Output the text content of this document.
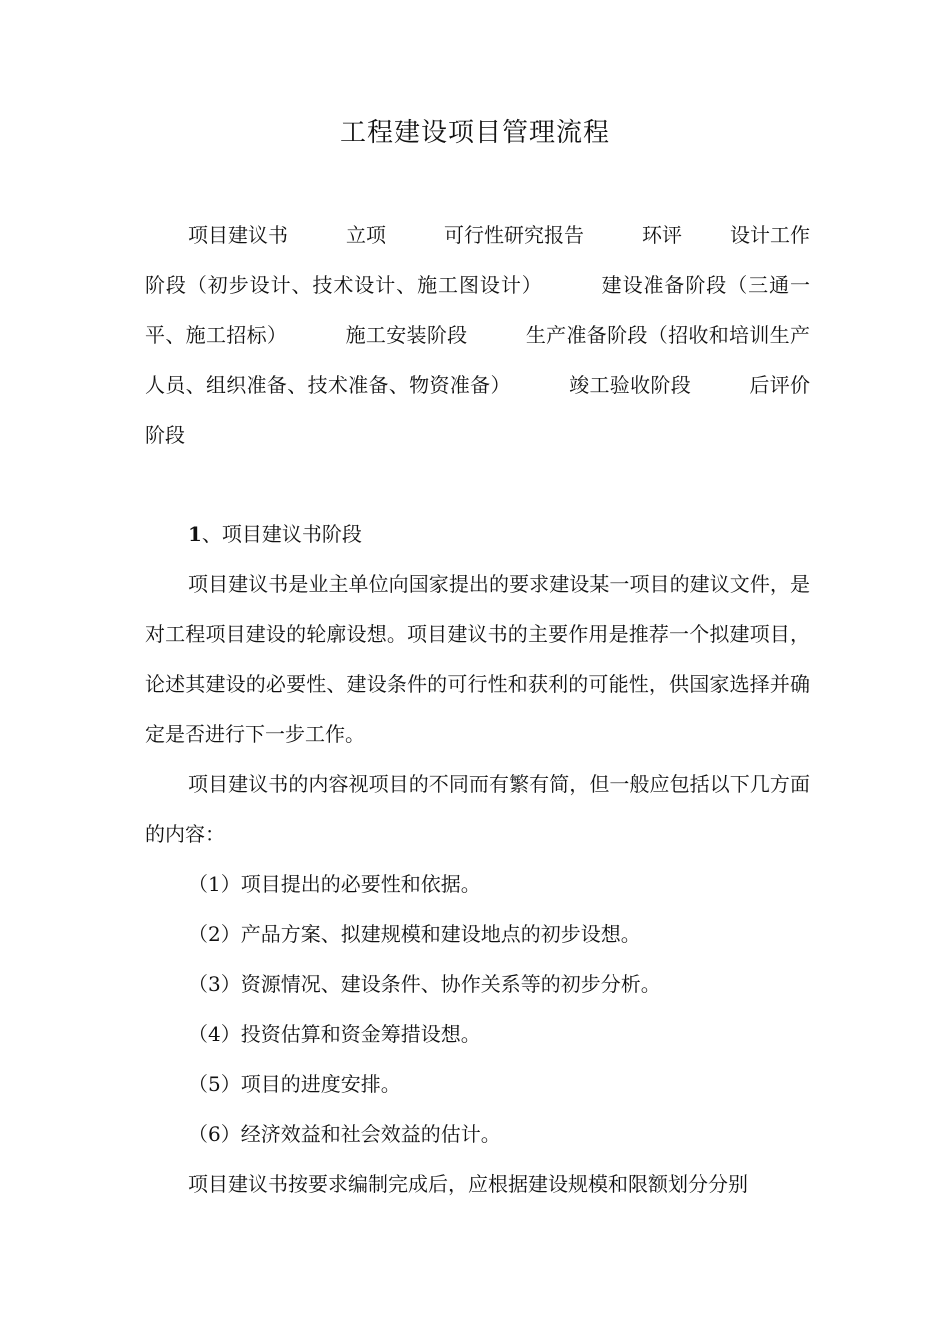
工程建设项目管理流程
项目建议书	立项	可行性研究报告	环评 设计工作阶段（初步设计、技术设计、施工图设计）	建设准备阶段（三通一平、施工招标）	施工安装阶段	生产准备阶段（招收和培训生产人员、组织准备、技术准备、物资准备）	竣工验收阶段	后评价阶段

1、项目建议书阶段

项目建议书是业主单位向国家提出的要求建设某一项目的建议文件，是对工程项目建设的轮廓设想。项目建议书的主要作用是推荐一个拟建项目，论述其建设的必要性、建设条件的可行性和获利的可能性，供国家选择并确定是否进行下一步工作。

项目建议书的内容视项目的不同而有繁有简，但一般应包括以下几方面的内容：

（1）项目提出的必要性和依据。

（2）产品方案、拟建规模和建设地点的初步设想。

（3）资源情况、建设条件、协作关系等的初步分析。

（4）投资估算和资金筹措设想。

（5）项目的进度安排。

（6）经济效益和社会效益的估计。

项目建议书按要求编制完成后，应根据建设规模和限额划分分别
